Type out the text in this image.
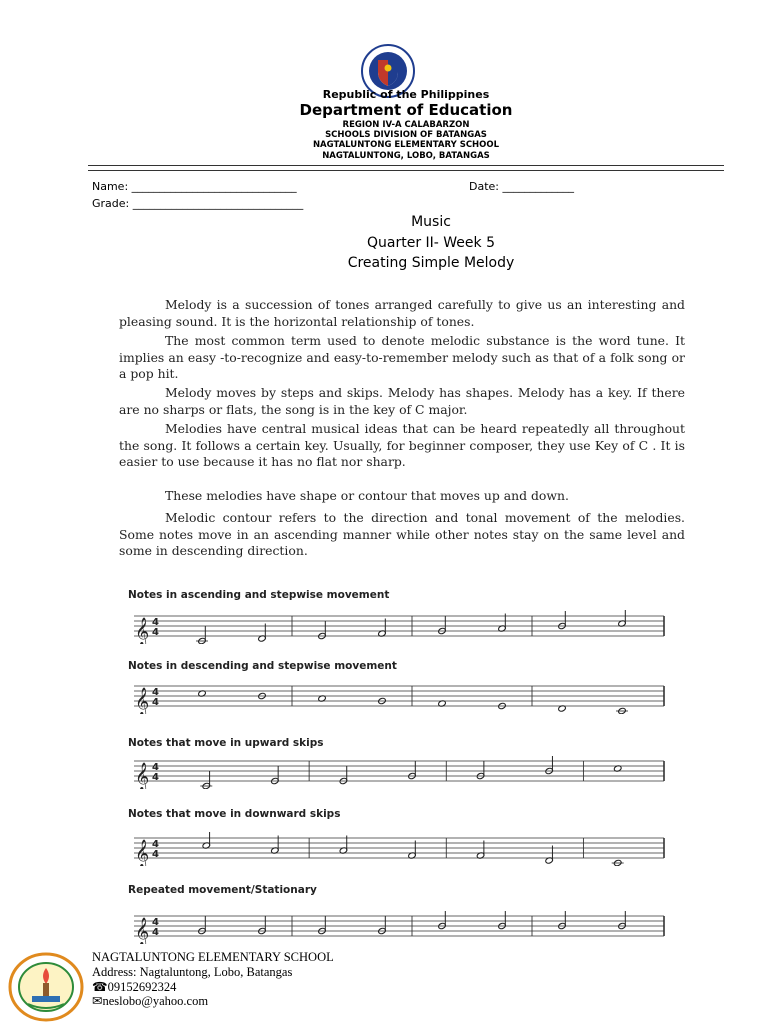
Republic of the Philippines
Department of Education
REGION IV-A CALABARZON
SCHOOLS DIVISION OF BATANGAS
NAGTALUNTONG ELEMENTARY SCHOOL
NAGTALUNTONG, LOBO, BATANGAS
Name: ______________________________	Date: _____________
Grade: _______________________________
Music
Quarter II- Week 5
Creating Simple Melody
Melody is a succession of tones arranged carefully to give us an interesting and pleasing sound. It is the horizontal relationship of tones.
The most common term used to denote melodic substance is the word tune. It implies an easy -to-recognize and easy-to-remember melody such as that of a folk song or a pop hit.
Melody moves by steps and skips. Melody has shapes. Melody has a key. If there are no sharps or flats, the song is in the key of C major.
Melodies have central musical ideas that can be heard repeatedly all throughout the song. It follows a certain key. Usually, for beginner composer, they use Key of C . It is easier to use because it has no flat nor sharp.
These melodies have shape or contour that moves up and down.
Melodic contour refers to the direction and tonal movement of the melodies. Some notes move in an ascending manner while other notes stay on the same level and some in descending direction.
Notes in ascending and stepwise movement
𝄞 4
4
Notes in descending and stepwise movement
𝄞 4
4
Notes that move in upward skips
𝄞 4
4
Notes that move in downward skips
𝄞 4
4
Repeated movement/Stationary
𝄞 4
4
NAGTALUNTONG ELEMENTARY SCHOOL
Address: Nagtaluntong, Lobo, Batangas
☎09152692324
✉neslobo@yahoo.com
